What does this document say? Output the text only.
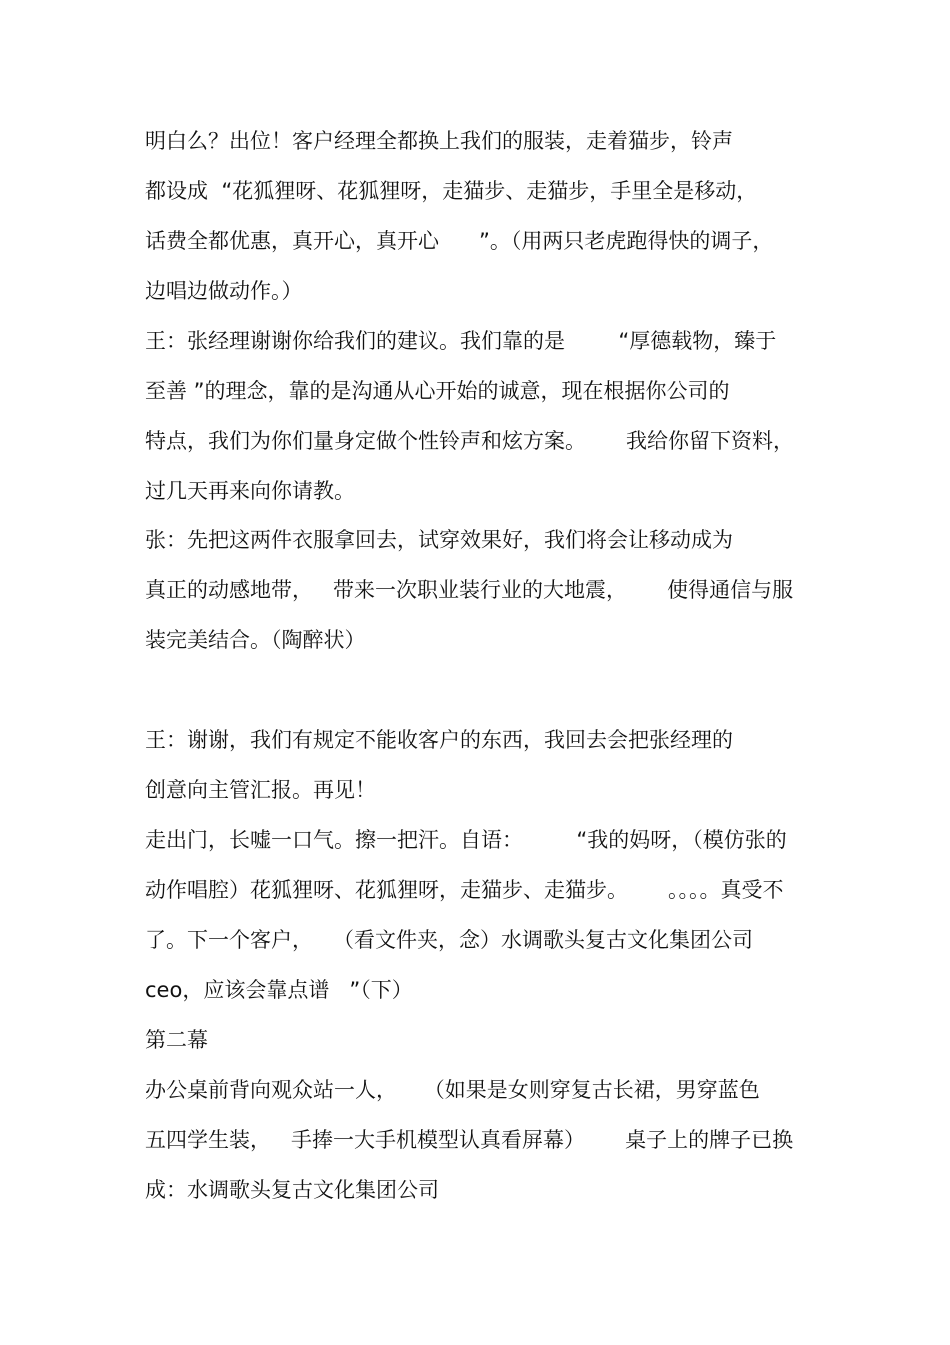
明白么？出位！客户经理全都换上我们的服装，走着猫步，铃声
都设成  “花狐狸呀、花狐狸呀，走猫步、走猫步，手里全是移动，
话费全都优惠，真开心，真开心      ”。（用两只老虎跑得快的调子，
边唱边做动作。）
王：张经理谢谢你给我们的建议。我们靠的是        “厚德载物，臻于
至善 ”的理念，靠的是沟通从心开始的诚意，现在根据你公司的
特点，我们为你们量身定做个性铃声和炫方案。      我给你留下资料，
过几天再来向你请教。
张：先把这两件衣服拿回去，试穿效果好，我们将会让移动成为
真正的动感地带，   带来一次职业装行业的大地震，      使得通信与服
装完美结合。（陶醉状）
王：谢谢，我们有规定不能收客户的东西，我回去会把张经理的
创意向主管汇报。再见！
走出门，长嘘一口气。擦一把汗。自语：        “我的妈呀，（模仿张的
动作唱腔）花狐狸呀、花狐狸呀，走猫步、走猫步。      。。。。真受不
了。下一个客户，   （看文件夹，念）水调歌头复古文化集团公司
ceo，应该会靠点谱   ”（下）
第二幕
办公桌前背向观众站一人，    （如果是女则穿复古长裙，男穿蓝色
五四学生装，   手捧一大手机模型认真看屏幕）      桌子上的牌子已换
成：水调歌头复古文化集团公司
